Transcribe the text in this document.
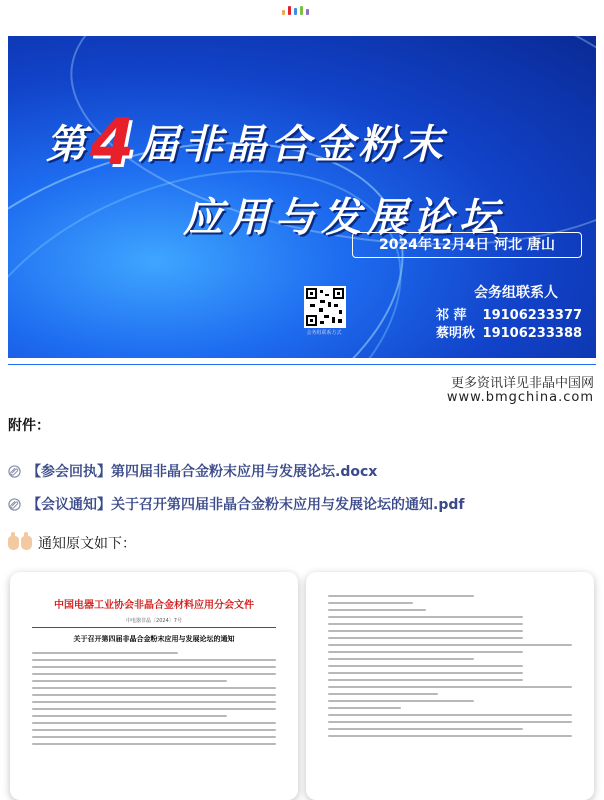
第4届非晶合金粉末
应用与发展论坛
2024年12月4日 河北 唐山
会务组联系方式
会务组联系人
祁 萍 19106233377
蔡明秋 19106233388
更多资讯详见非晶中国网
www.bmgchina.com
附件：
【参会回执】第四届非晶合金粉末应用与发展论坛.docx
【会议通知】关于召开第四届非晶合金粉末应用与发展论坛的通知.pdf
通知原文如下：
中国电器工业协会非晶合金材料应用分会文件
中电器非晶〔2024〕7号
关于召开第四届非晶合金粉末应用与发展论坛的通知
